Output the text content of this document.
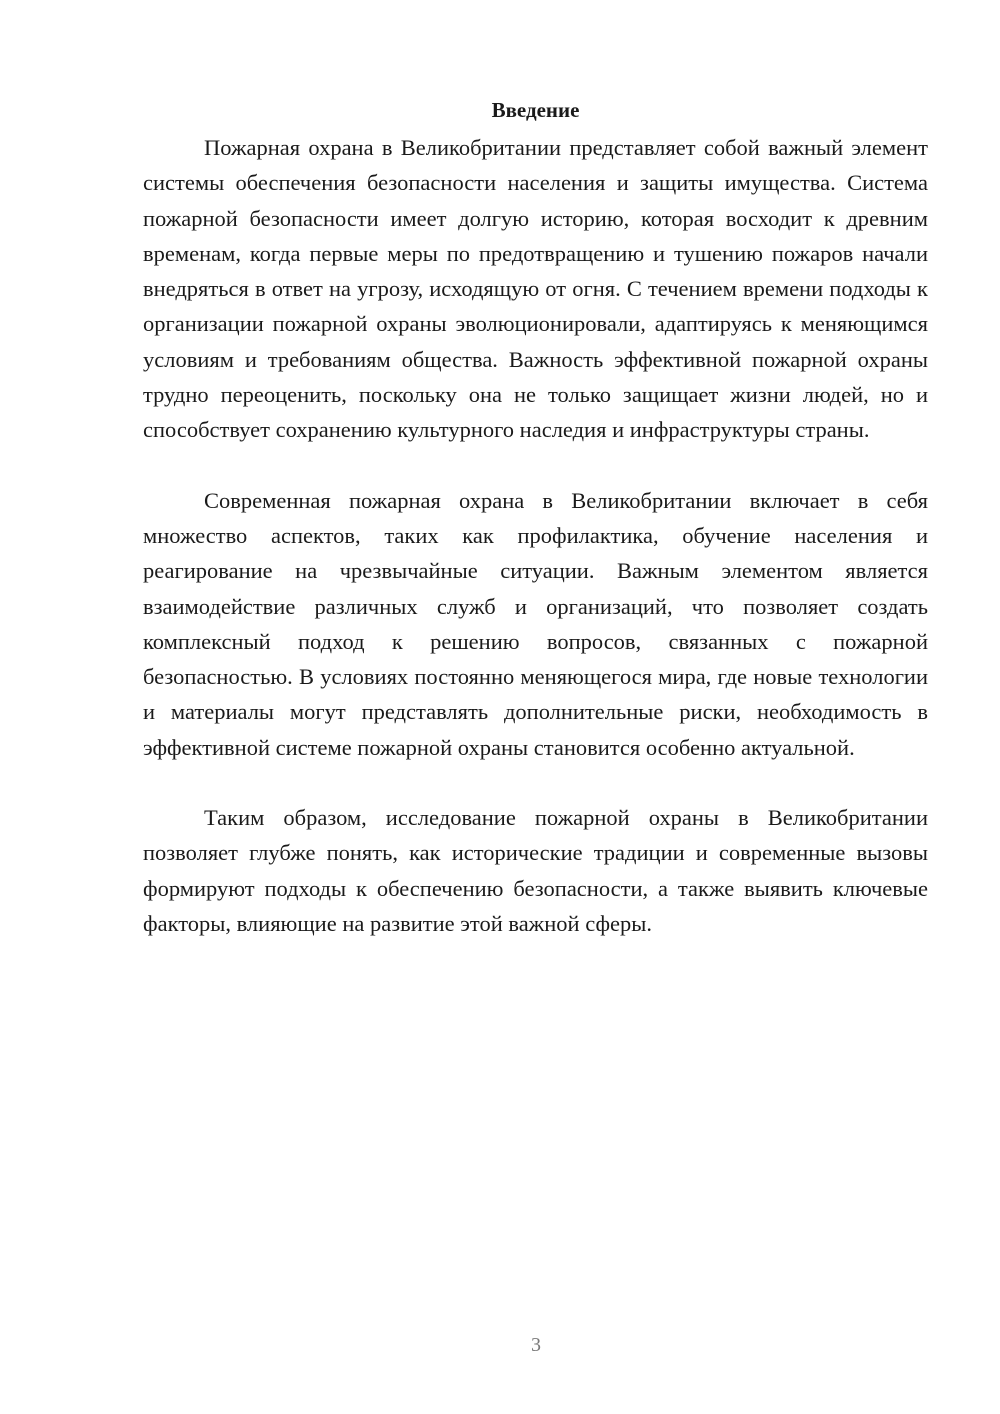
Введение

Пожарная охрана в Великобритании представляет собой важный элемент системы обеспечения безопасности населения и защиты имущества. Система пожарной безопасности имеет долгую историю, которая восходит к древним временам, когда первые меры по предотвращению и тушению пожаров начали внедряться в ответ на угрозу, исходящую от огня. С течением времени подходы к организации пожарной охраны эволюционировали, адаптируясь к меняющимся условиям и требованиям общества. Важность эффективной пожарной охраны трудно переоценить, поскольку она не только защищает жизни людей, но и способствует сохранению культурного наследия и инфраструктуры страны.

Современная пожарная охрана в Великобритании включает в себя множество аспектов, таких как профилактика, обучение населения и реагирование на чрезвычайные ситуации. Важным элементом является взаимодействие различных служб и организаций, что позволяет создать комплексный подход к решению вопросов, связанных с пожарной безопасностью. В условиях постоянно меняющегося мира, где новые технологии и материалы могут представлять дополнительные риски, необходимость в эффективной системе пожарной охраны становится особенно актуальной.

Таким образом, исследование пожарной охраны в Великобритании позволяет глубже понять, как исторические традиции и современные вызовы формируют подходы к обеспечению безопасности, а также выявить ключевые факторы, влияющие на развитие этой важной сферы.

3
